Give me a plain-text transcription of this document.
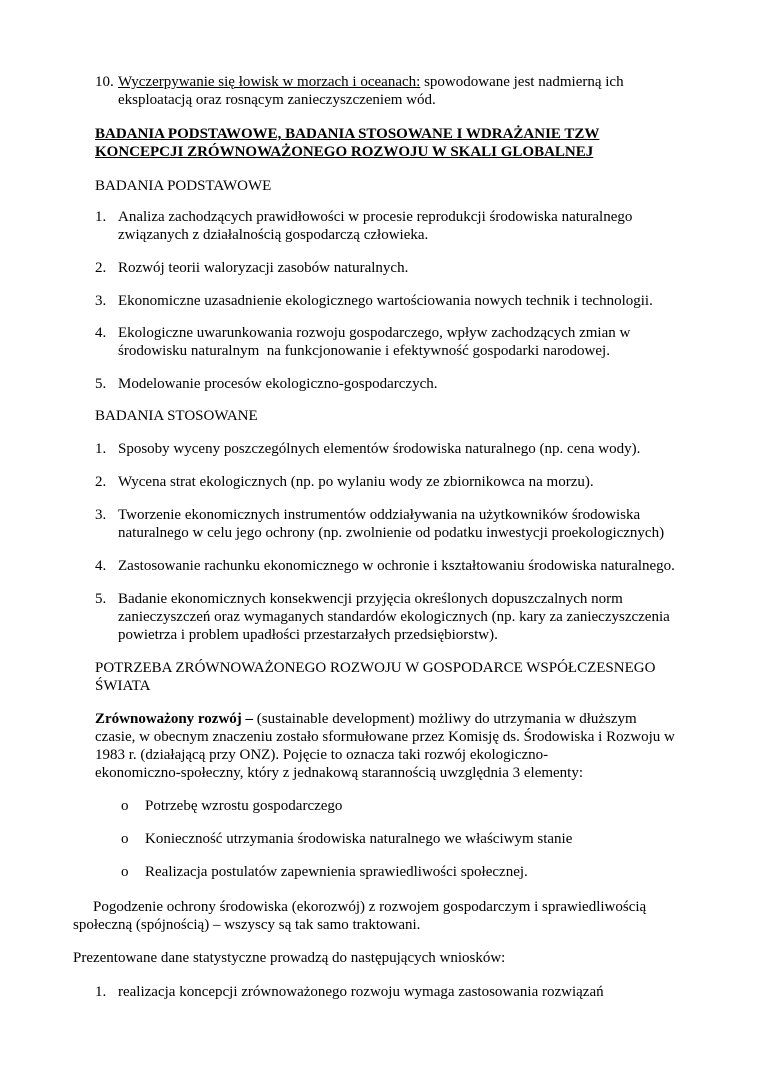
10. Wyczerpywanie się łowisk w morzach i oceanach: spowodowane jest nadmierną ich
eksploatacją oraz rosnącym zanieczyszczeniem wód.
BADANIA PODSTAWOWE, BADANIA STOSOWANE I WDRAŻANIE TZW
KONCEPCJI ZRÓWNOWAŻONEGO ROZWOJU W SKALI GLOBALNEJ
BADANIA PODSTAWOWE
1. Analiza zachodzących prawidłowości w procesie reprodukcji środowiska naturalnego
związanych z działalnością gospodarczą człowieka.
2. Rozwój teorii waloryzacji zasobów naturalnych.
3. Ekonomiczne uzasadnienie ekologicznego wartościowania nowych technik i technologii.
4. Ekologiczne uwarunkowania rozwoju gospodarczego, wpływ zachodzących zmian w
środowisku naturalnym  na funkcjonowanie i efektywność gospodarki narodowej.
5. Modelowanie procesów ekologiczno-gospodarczych.
BADANIA STOSOWANE
1. Sposoby wyceny poszczególnych elementów środowiska naturalnego (np. cena wody).
2. Wycena strat ekologicznych (np. po wylaniu wody ze zbiornikowca na morzu).
3. Tworzenie ekonomicznych instrumentów oddziaływania na użytkowników środowiska
naturalnego w celu jego ochrony (np. zwolnienie od podatku inwestycji proekologicznych)
4. Zastosowanie rachunku ekonomicznego w ochronie i kształtowaniu środowiska naturalnego.
5. Badanie ekonomicznych konsekwencji przyjęcia określonych dopuszczalnych norm
zanieczyszczeń oraz wymaganych standardów ekologicznych (np. kary za zanieczyszczenia
powietrza i problem upadłości przestarzałych przedsiębiorstw).
POTRZEBA ZRÓWNOWAŻONEGO ROZWOJU W GOSPODARCE WSPÓŁCZESNEGO
ŚWIATA
Zrównoważony rozwój – (sustainable development) możliwy do utrzymania w dłuższym
czasie, w obecnym znaczeniu zostało sformułowane przez Komisję ds. Środowiska i Rozwoju w
1983 r. (działającą przy ONZ). Pojęcie to oznacza taki rozwój ekologiczno-
ekonomiczno-społeczny, który z jednakową starannością uwzględnia 3 elementy:
o Potrzebę wzrostu gospodarczego
o Konieczność utrzymania środowiska naturalnego we właściwym stanie
o Realizacja postulatów zapewnienia sprawiedliwości społecznej.
Pogodzenie ochrony środowiska (ekorozwój) z rozwojem gospodarczym i sprawiedliwością
społeczną (spójnością) – wszyscy są tak samo traktowani.
Prezentowane dane statystyczne prowadzą do następujących wniosków:
1. realizacja koncepcji zrównoważonego rozwoju wymaga zastosowania rozwiązań
